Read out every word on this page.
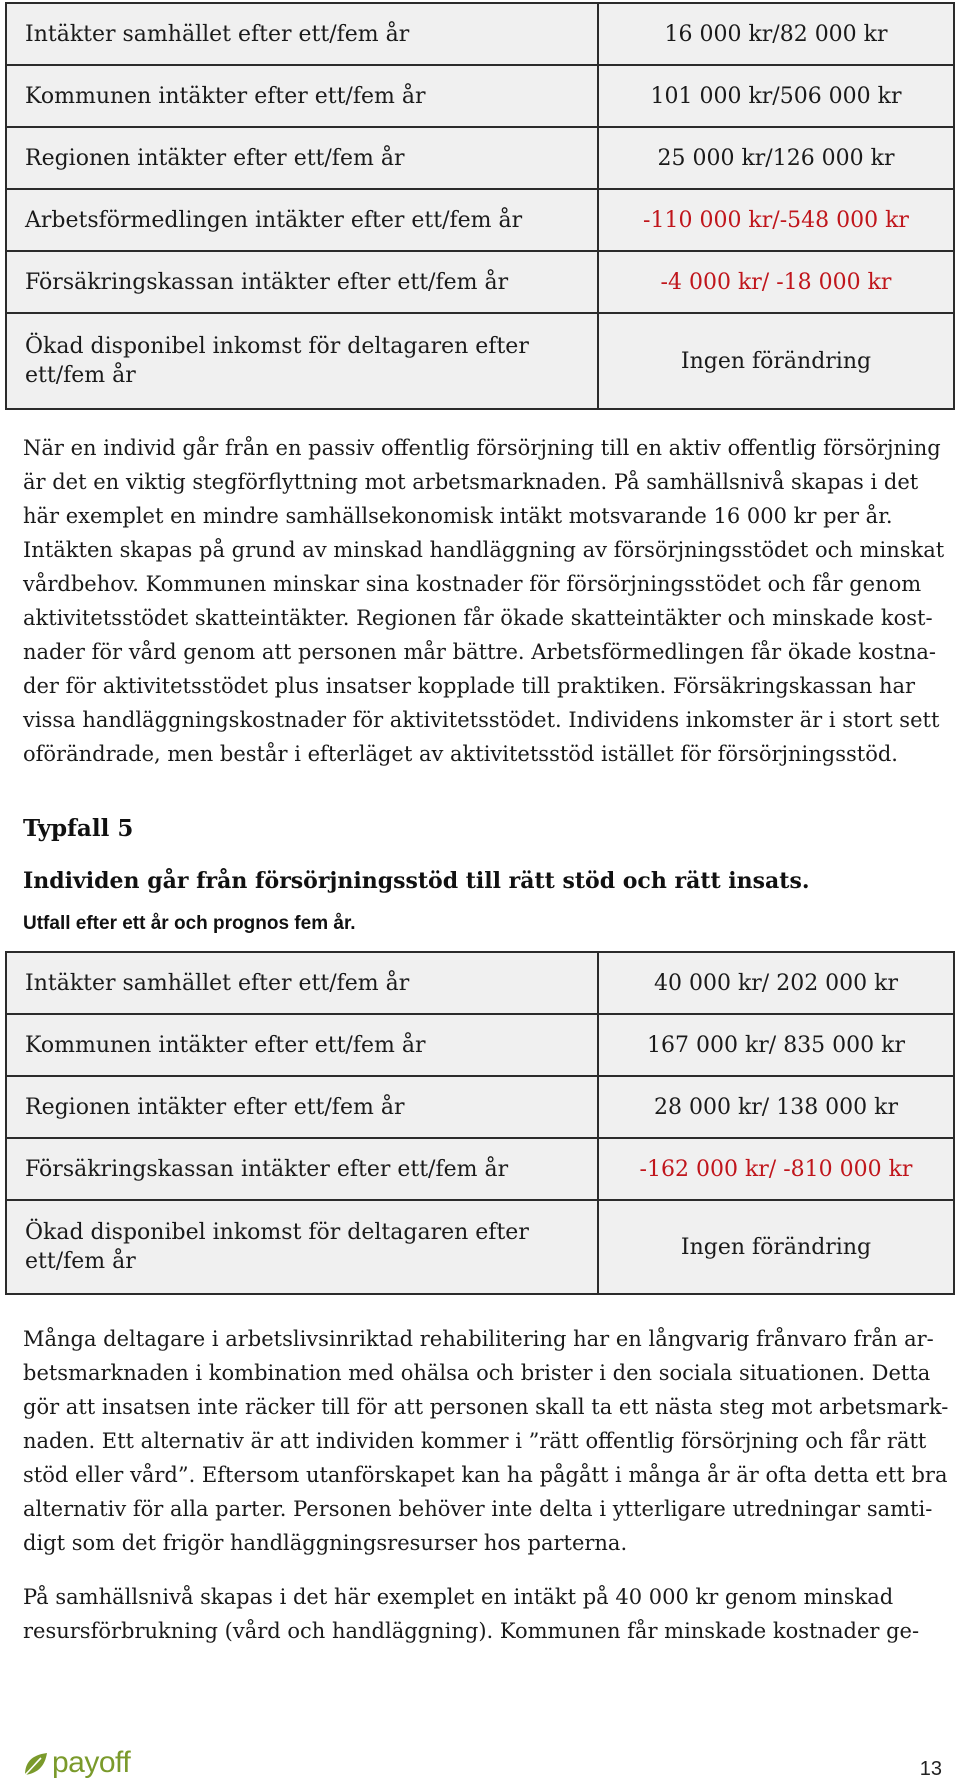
Intäkter samhället efter ett/fem år	16 000 kr/82 000 kr
Kommunen intäkter efter ett/fem år	101 000 kr/506 000 kr
Regionen intäkter efter ett/fem år	25 000 kr/126 000 kr
Arbetsförmedlingen intäkter efter ett/fem år	-110 000 kr/-548 000 kr
Försäkringskassan intäkter efter ett/fem år	-4 000 kr/ -18 000 kr
Ökad disponibel inkomst för deltagaren efter
ett/fem år	Ingen förändring

När en individ går från en passiv offentlig försörjning till en aktiv offentlig försörjning
är det en viktig stegförflyttning mot arbetsmarknaden. På samhällsnivå skapas i det
här exemplet en mindre samhällsekonomisk intäkt motsvarande 16 000 kr per år.
Intäkten skapas på grund av minskad handläggning av försörjningsstödet och minskat
vårdbehov. Kommunen minskar sina kostnader för försörjningsstödet och får genom
aktivitetsstödet skatteintäkter. Regionen får ökade skatteintäkter och minskade kost-
nader för vård genom att personen mår bättre. Arbetsförmedlingen får ökade kostna-
der för aktivitetsstödet plus insatser kopplade till praktiken. Försäkringskassan har
vissa handläggningskostnader för aktivitetsstödet. Individens inkomster är i stort sett
oförändrade, men består i efterläget av aktivitetsstöd istället för försörjningsstöd.

Typfall 5
Individen går från försörjningsstöd till rätt stöd och rätt insats.
Utfall efter ett år och prognos fem år.
Intäkter samhället efter ett/fem år	40 000 kr/ 202 000 kr
Kommunen intäkter efter ett/fem år	167 000 kr/ 835 000 kr
Regionen intäkter efter ett/fem år	28 000 kr/ 138 000 kr
Försäkringskassan intäkter efter ett/fem år	-162 000 kr/ -810 000 kr
Ökad disponibel inkomst för deltagaren efter
ett/fem år	Ingen förändring

Många deltagare i arbetslivsinriktad rehabilitering har en långvarig frånvaro från ar-
betsmarknaden i kombination med ohälsa och brister i den sociala situationen. Detta
gör att insatsen inte räcker till för att personen skall ta ett nästa steg mot arbetsmark-
naden. Ett alternativ är att individen kommer i ”rätt offentlig försörjning och får rätt
stöd eller vård”. Eftersom utanförskapet kan ha pågått i många år är ofta detta ett bra
alternativ för alla parter. Personen behöver inte delta i ytterligare utredningar samti-
digt som det frigör handläggningsresurser hos parterna.

På samhällsnivå skapas i det här exemplet en intäkt på 40 000 kr genom minskad
resursförbrukning (vård och handläggning). Kommunen får minskade kostnader ge-

payoff	13
